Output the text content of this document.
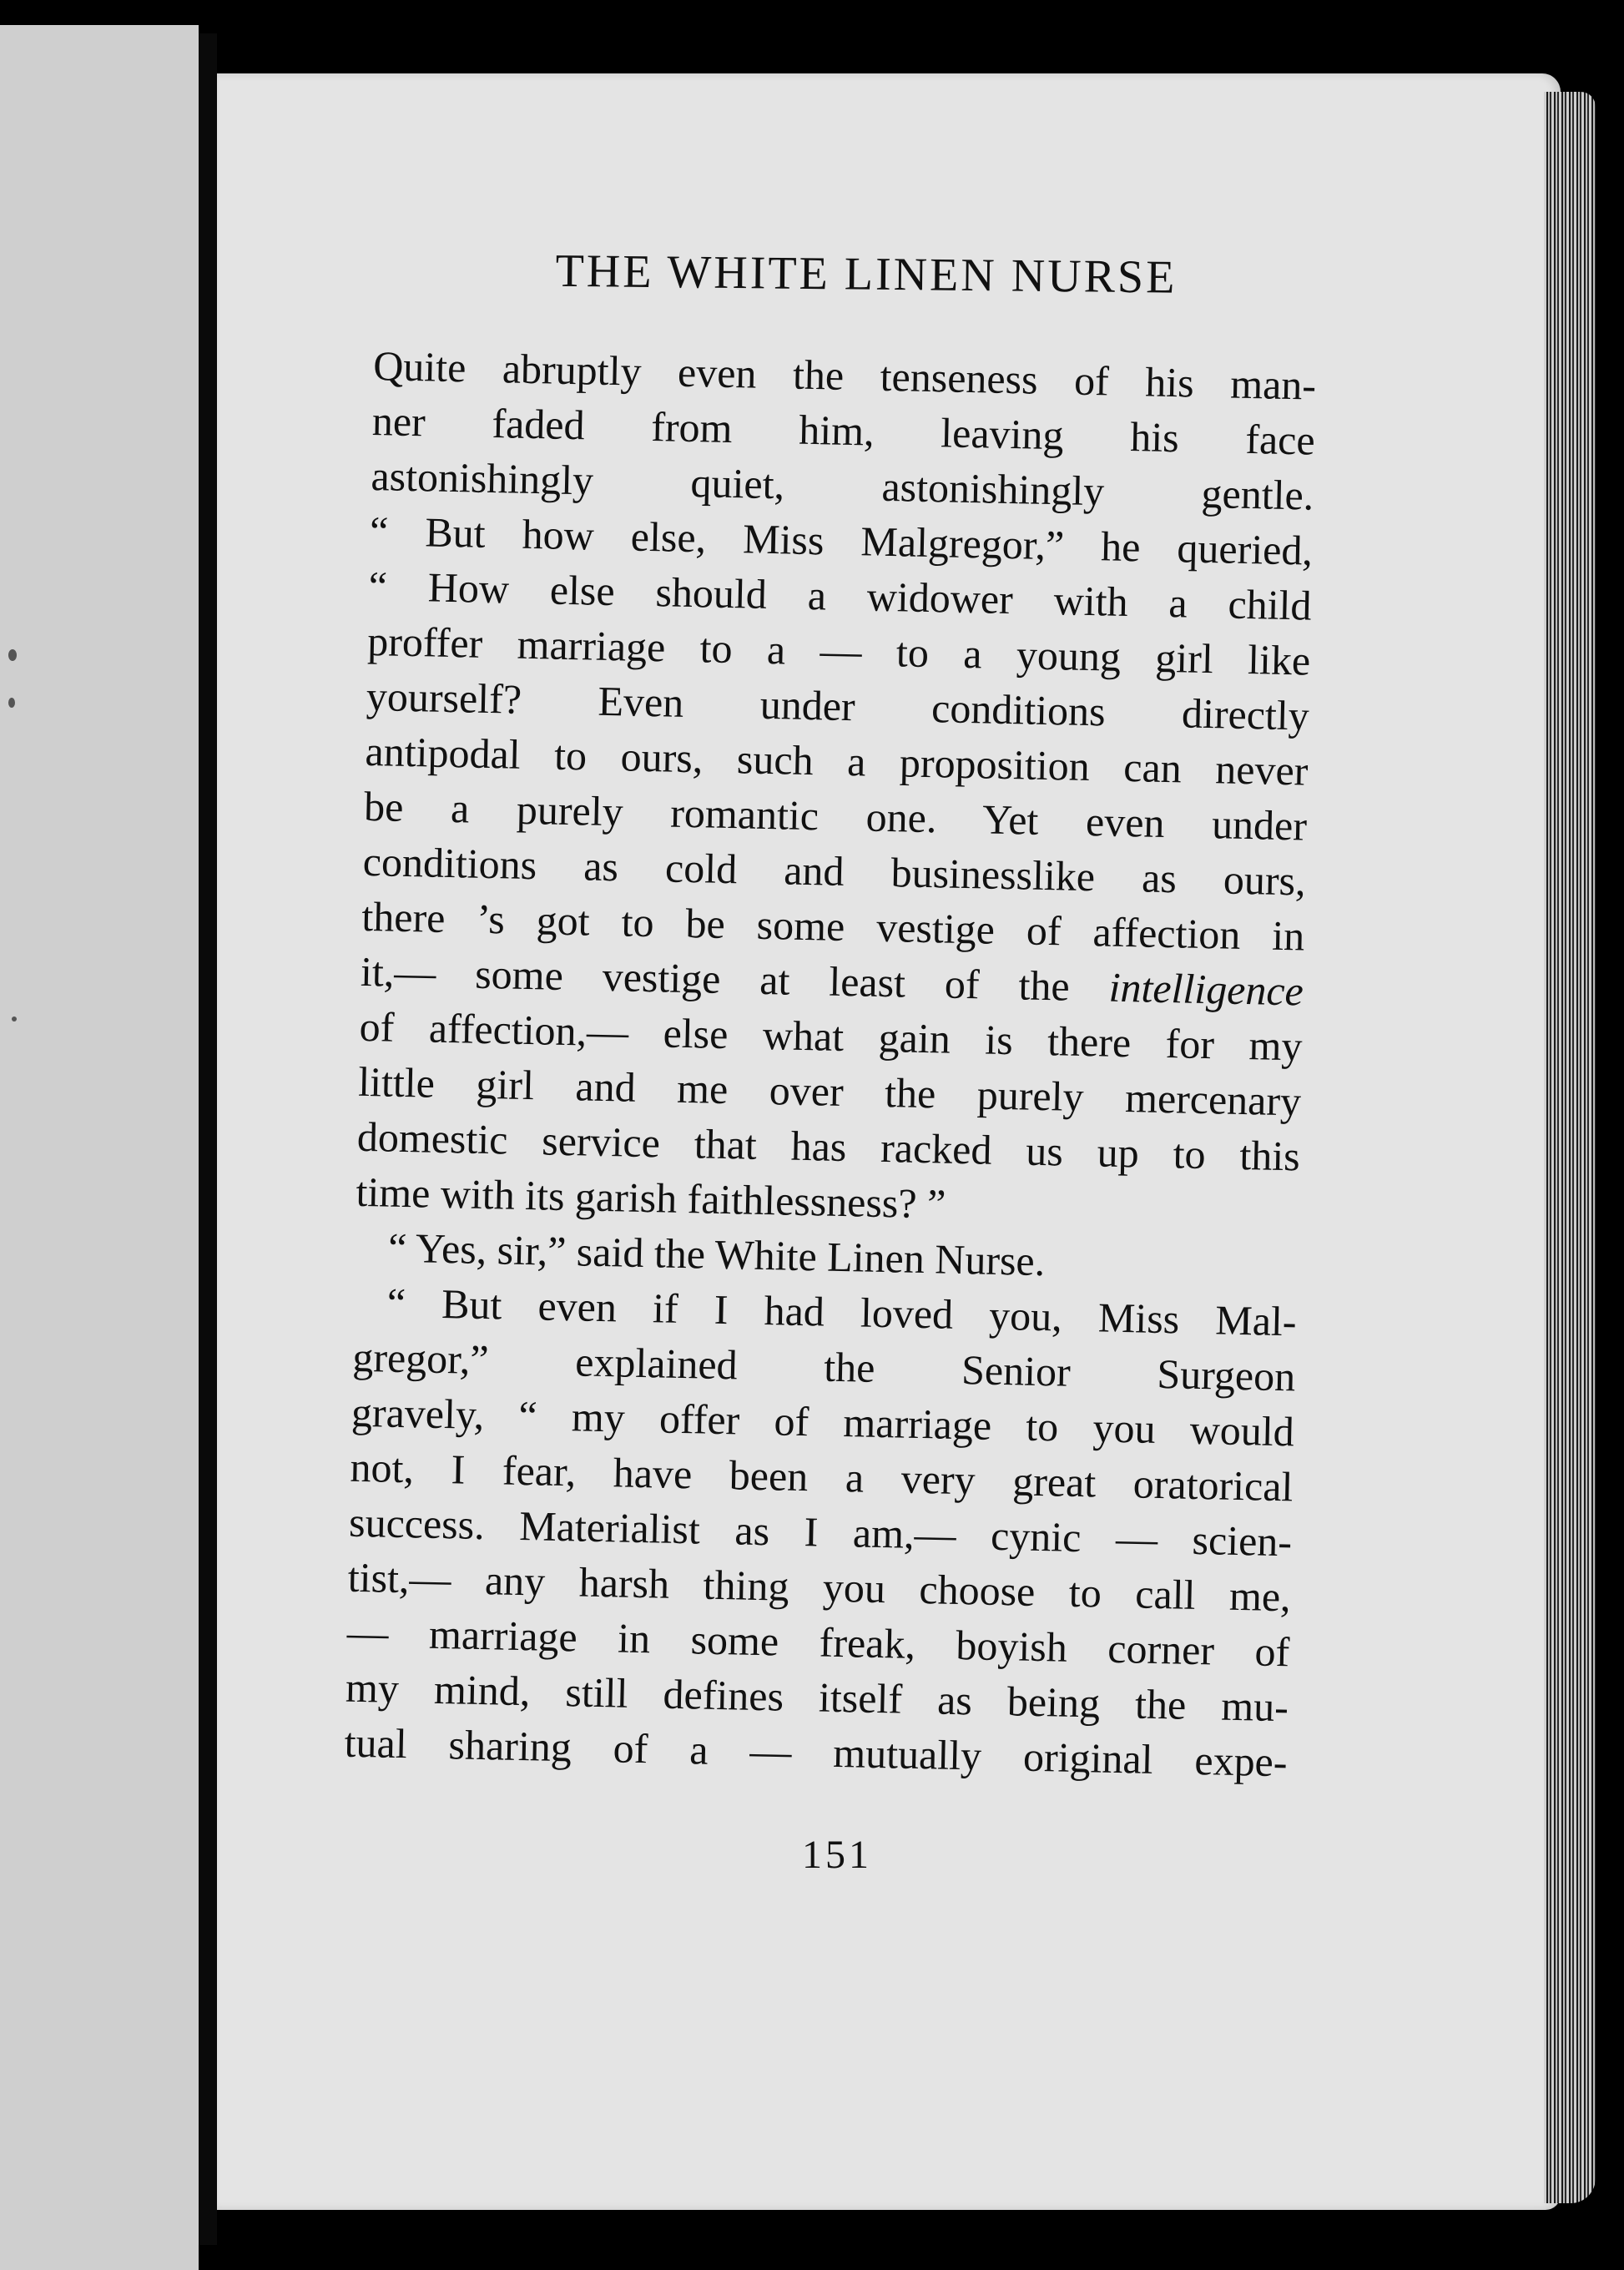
THE WHITE LINEN NURSE
Quite abruptly even the tenseness of his man-
ner faded from him, leaving his face
astonishingly quiet, astonishingly gentle.
“ But how else, Miss Malgregor,” he queried,
“ How else should a widower with a child
proffer marriage to a — to a young girl like
yourself? Even under conditions directly
antipodal to ours, such a proposition can never
be a purely romantic one. Yet even under
conditions as cold and businesslike as ours,
there ’s got to be some vestige of affection in
it,— some vestige at least of the intelligence
of affection,— else what gain is there for my
little girl and me over the purely mercenary
domestic service that has racked us up to this
time with its garish faithlessness? ”
“ Yes, sir,” said the White Linen Nurse.
“ But even if I had loved you, Miss Mal-
gregor,” explained the Senior Surgeon
gravely, “ my offer of marriage to you would
not, I fear, have been a very great oratorical
success. Materialist as I am,— cynic — scien-
tist,— any harsh thing you choose to call me,
— marriage in some freak, boyish corner of
my mind, still defines itself as being the mu-
tual sharing of a — mutually original expe-
151
